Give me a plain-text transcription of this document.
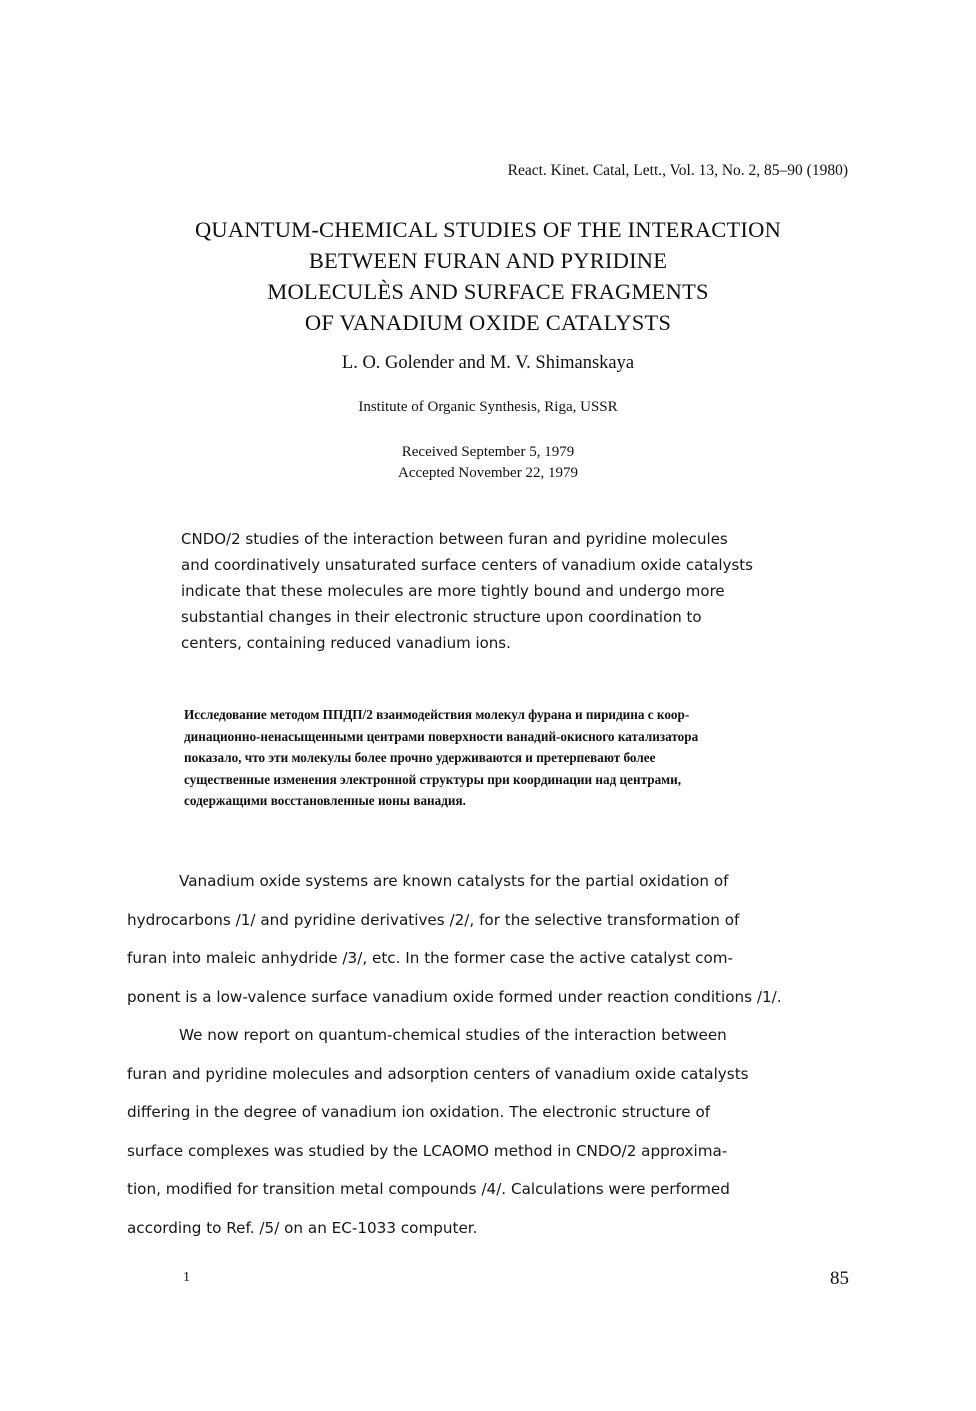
React. Kinet. Catal, Lett., Vol. 13, No. 2, 85–90 (1980)
QUANTUM-CHEMICAL STUDIES OF THE INTERACTION
BETWEEN FURAN AND PYRIDINE
MOLECULÈS AND SURFACE FRAGMENTS
OF VANADIUM OXIDE CATALYSTS
L. O. Golender and M. V. Shimanskaya
Institute of Organic Synthesis, Riga, USSR
Received September 5, 1979
Accepted November 22, 1979
CNDO/2 studies of the interaction between furan and pyridine molecules
and coordinatively unsaturated surface centers of vanadium oxide catalysts
indicate that these molecules are more tightly bound and undergo more
substantial changes in their electronic structure upon coordination to
centers, containing reduced vanadium ions.
Исследование методом ППДП/2 взаимодействия молекул фурана и пиридина с коор-
динационно-ненасыщенными центрами поверхности ванадий-окисного катализатора
показало, что эти молекулы более прочно удерживаются и претерпевают более
существенные изменения электронной структуры при координации над центрами,
содержащими восстановленные ионы ванадия.
Vanadium oxide systems are known catalysts for the partial oxidation of
hydrocarbons /1/ and pyridine derivatives /2/, for the selective transformation of
furan into maleic anhydride /3/, etc. In the former case the active catalyst com-
ponent is a low-valence surface vanadium oxide formed under reaction conditions /1/.
We now report on quantum-chemical studies of the interaction between
furan and pyridine molecules and adsorption centers of vanadium oxide catalysts
differing in the degree of vanadium ion oxidation. The electronic structure of
surface complexes was studied by the LCAOMO method in CNDO/2 approxima-
tion, modified for transition metal compounds /4/. Calculations were performed
according to Ref. /5/ on an EC-1033 computer.
1	85
